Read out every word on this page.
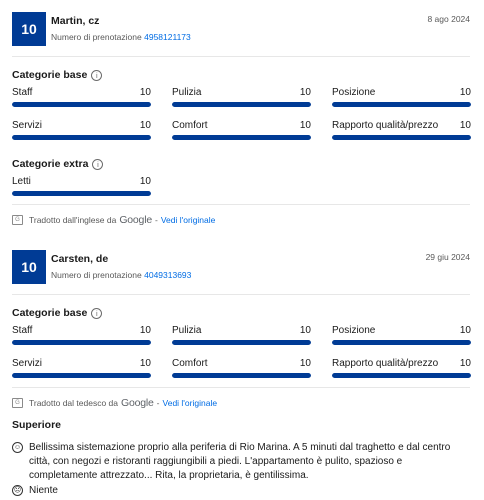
10	Martin, cz
Numero di prenotazione 4958121173
8 ago 2024
Categorie base	i
Staff	10 Pulizia	10 Posizione	10
Servizi	10 Comfort	10 Rapporto qualità/prezzo 10
Categorie extra	i
Letti	10
G	Tradotto dall'inglese da Google - Vedi l'originale
10	Carsten, de
Numero di prenotazione 4049313693
29 giu 2024
Categorie base	i
Staff	10 Pulizia	10 Posizione	10
Servizi	10 Comfort	10 Rapporto qualità/prezzo 10
G	Tradotto dal tedesco da Google - Vedi l'originale
Superiore
☺ Bellissima sistemazione proprio alla periferia di Rio Marina. A 5 minuti dal traghetto e dal centro città, con negozi e ristoranti raggiungibili a piedi. L'appartamento è pulito, spazioso e completamente attrezzato... Rita, la proprietaria, è gentilissima.
☹ Niente
